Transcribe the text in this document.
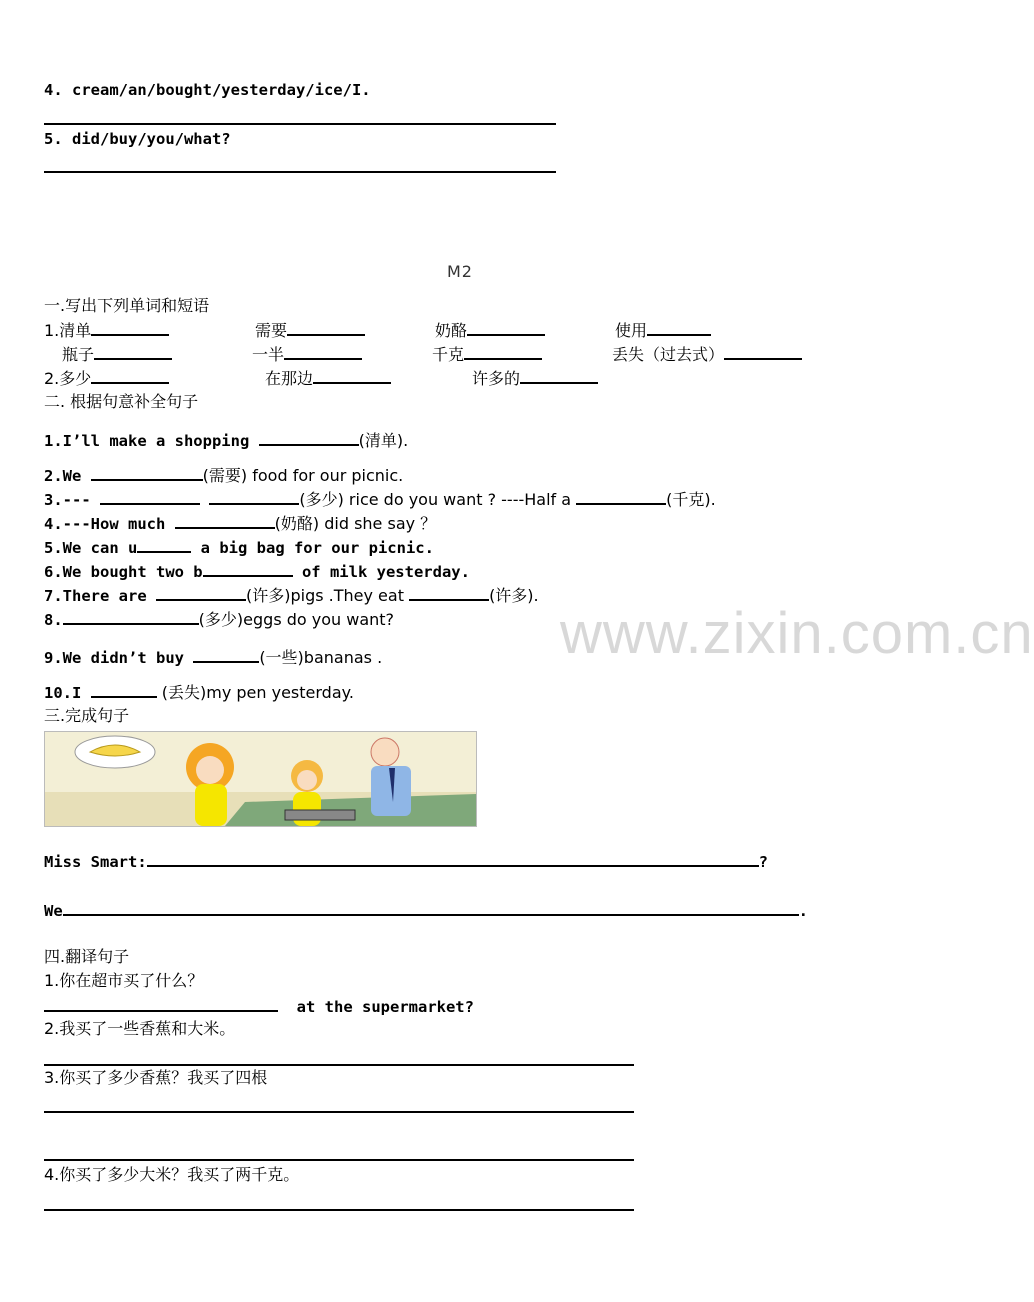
4. cream/an/bought/yesterday/ice/I.
5. did/buy/you/what?
M2
www.zixin.com.cn
一.写出下列单词和短语
1.清单	需要	奶酪	使用
瓶子	一半	千克	丢失（过去式）
2.多少	在那边	许多的
二. 根据句意补全句子
1.I’ll make a shopping	(清单).
2.We	(需要) food for our picnic.
3.---	(多少) rice do you want ? ----Half a	(千克).
4.---How much	(奶酪) did she say ？
5.We can u	a big bag for our picnic.
6.We bought two b	of milk yesterday.
7.There are	(许多)pigs .They eat	(许多).
8.	(多少)eggs do you want?
9.We didn’t buy	(一些)bananas .
10.I	(丢失)my pen yesterday.
三.完成句子
Miss Smart:	?
We	.
四.翻译句子
1.你在超市买了什么？
at the supermarket?
2.我买了一些香蕉和大米。
3.你买了多少香蕉？我买了四根
4.你买了多少大米？我买了两千克。
